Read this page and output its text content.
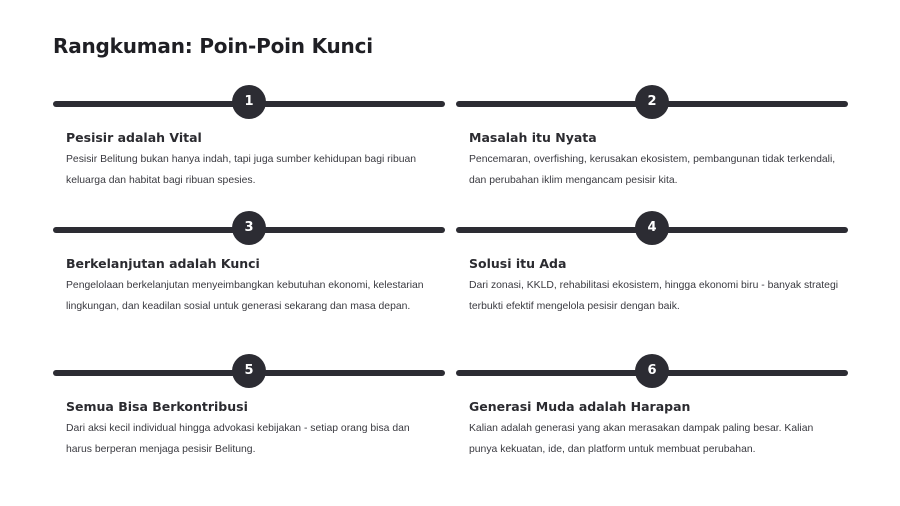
Rangkuman: Poin-Poin Kunci
1
Pesisir adalah Vital
Pesisir Belitung bukan hanya indah, tapi juga sumber kehidupan bagi ribuan keluarga dan habitat bagi ribuan spesies.
2
Masalah itu Nyata
Pencemaran, overfishing, kerusakan ekosistem, pembangunan tidak terkendali, dan perubahan iklim mengancam pesisir kita.
3
Berkelanjutan adalah Kunci
Pengelolaan berkelanjutan menyeimbangkan kebutuhan ekonomi, kelestarian lingkungan, dan keadilan sosial untuk generasi sekarang dan masa depan.
4
Solusi itu Ada
Dari zonasi, KKLD, rehabilitasi ekosistem, hingga ekonomi biru - banyak strategi terbukti efektif mengelola pesisir dengan baik.
5
Semua Bisa Berkontribusi
Dari aksi kecil individual hingga advokasi kebijakan - setiap orang bisa dan harus berperan menjaga pesisir Belitung.
6
Generasi Muda adalah Harapan
Kalian adalah generasi yang akan merasakan dampak paling besar. Kalian punya kekuatan, ide, dan platform untuk membuat perubahan.
